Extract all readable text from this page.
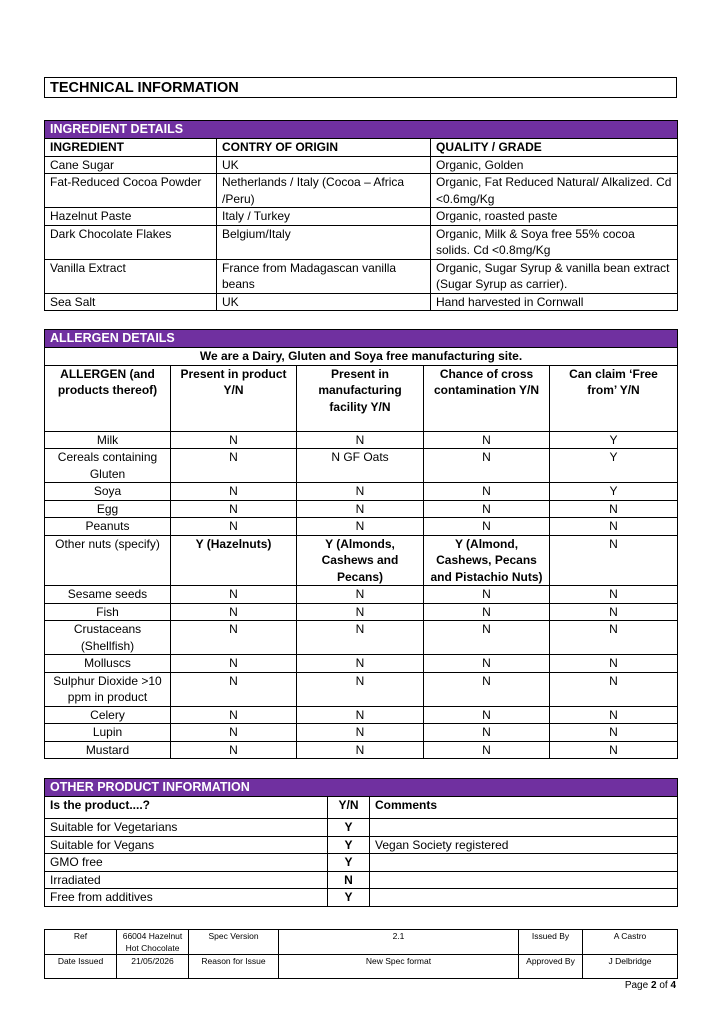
TECHNICAL INFORMATION
INGREDIENT DETAILS		
INGREDIENT	CONTRY OF ORIGIN	QUALITY / GRADE
Cane Sugar	UK	Organic, Golden
Fat-Reduced Cocoa Powder	Netherlands / Italy (Cocoa – Africa /Peru)	Organic, Fat Reduced Natural/ Alkalized. Cd <0.6mg/Kg
Hazelnut Paste	Italy / Turkey	Organic, roasted paste
Dark Chocolate Flakes	Belgium/Italy	Organic, Milk & Soya free 55% cocoa solids. Cd <0.8mg/Kg
Vanilla Extract	France from Madagascan vanilla beans	Organic, Sugar Syrup & vanilla bean extract (Sugar Syrup as carrier).
Sea Salt	UK	Hand harvested in Cornwall
ALLERGEN DETAILS				
We are a Dairy, Gluten and Soya free manufacturing site.				
ALLERGEN (and products thereof)	Present in product Y/N	Present in manufacturing facility Y/N	Chance of cross contamination Y/N	Can claim ‘Free from’ Y/N
Milk	N	N	N	Y
Cereals containing Gluten	N	N GF Oats	N	Y
Soya	N	N	N	Y
Egg	N	N	N	N
Peanuts	N	N	N	N
Other nuts (specify)	Y (Hazelnuts)	Y (Almonds, Cashews and Pecans)	Y (Almond, Cashews, Pecans and Pistachio Nuts)	N
Sesame seeds	N	N	N	N
Fish	N	N	N	N
Crustaceans (Shellfish)	N	N	N	N
Molluscs	N	N	N	N
Sulphur Dioxide >10 ppm in product	N	N	N	N
Celery	N	N	N	N
Lupin	N	N	N	N
Mustard	N	N	N	N
OTHER PRODUCT INFORMATION		
Is the product....?	Y/N	Comments
Suitable for Vegetarians	Y	
Suitable for Vegans	Y	Vegan Society registered
GMO free	Y	
Irradiated	N	
Free from additives	Y	
Ref	66004 Hazelnut Hot Chocolate	Spec Version	2.1	Issued By	A Castro
Date Issued	21/05/2026	Reason for Issue	New Spec format	Approved By	J Delbridge
Page 2 of 4
